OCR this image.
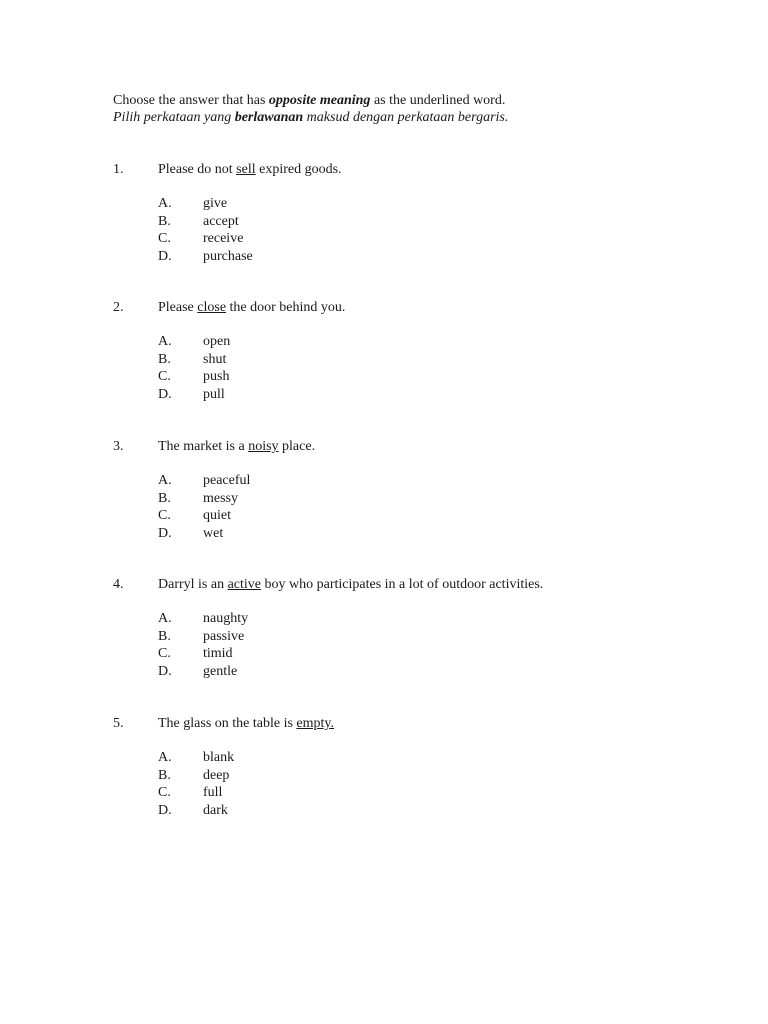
Choose the answer that has opposite meaning as the underlined word.
Pilih perkataan yang berlawanan maksud dengan perkataan bergaris.
1. Please do not sell expired goods.
A.	give
B.	accept
C.	receive
D.	purchase
2. Please close the door behind you.
A.	open
B.	shut
C.	push
D.	pull
3. The market is a noisy place.
A.	peaceful
B.	messy
C.	quiet
D.	wet
4. Darryl is an active boy who participates in a lot of outdoor activities.
A.	naughty
B.	passive
C.	timid
D.	gentle
5. The glass on the table is empty.
A.	blank
B.	deep
C.	full
D.	dark
